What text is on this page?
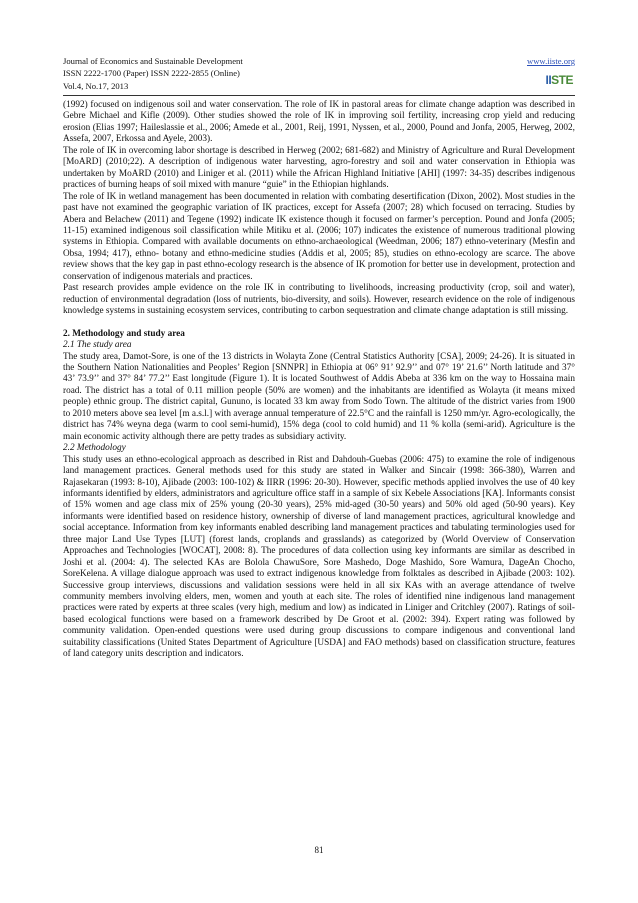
Journal of Economics and Sustainable Development
ISSN 2222-1700 (Paper) ISSN 2222-2855 (Online)
Vol.4, No.17, 2013
www.iiste.org
IISTE

(1992) focused on indigenous soil and water conservation. The role of IK in pastoral areas for climate change adaption was described in Gebre Michael and Kifle (2009). Other studies showed the role of IK in improving soil fertility, increasing crop yield and reducing erosion (Elias 1997; Haileslassie et al., 2006; Amede et al., 2001, Reij, 1991, Nyssen, et al., 2000, Pound and Jonfa, 2005, Herweg, 2002, Assefa, 2007, Erkossa and Ayele, 2003).

The role of IK in overcoming labor shortage is described in Herweg (2002; 681-682) and Ministry of Agriculture and Rural Development [MoARD] (2010;22). A description of indigenous water harvesting, agro-forestry and soil and water conservation in Ethiopia was undertaken by MoARD (2010) and Liniger et al. (2011) while the African Highland Initiative [AHI] (1997: 34-35) describes indigenous practices of burning heaps of soil mixed with manure “guie” in the Ethiopian highlands.

The role of IK in wetland management has been documented in relation with combating desertification (Dixon, 2002). Most studies in the past have not examined the geographic variation of IK practices, except for Assefa (2007; 28) which focused on terracing. Studies by Abera and Belachew (2011) and Tegene (1992) indicate IK existence though it focused on farmer’s perception. Pound and Jonfa (2005; 11-15) examined indigenous soil classification while Mitiku et al. (2006; 107) indicates the existence of numerous traditional plowing systems in Ethiopia. Compared with available documents on ethno-archaeological (Weedman, 2006; 187) ethno-veterinary (Mesfin and Obsa, 1994; 417), ethno- botany and ethno-medicine studies (Addis et al, 2005; 85), studies on ethno-ecology are scarce. The above review shows that the key gap in past ethno-ecology research is the absence of IK promotion for better use in development, protection and conservation of indigenous materials and practices.

Past research provides ample evidence on the role IK in contributing to livelihoods, increasing productivity (crop, soil and water), reduction of environmental degradation (loss of nutrients, bio-diversity, and soils). However, research evidence on the role of indigenous knowledge systems in sustaining ecosystem services, contributing to carbon sequestration and climate change adaptation is still missing.

2. Methodology and study area

2.1 The study area

The study area, Damot-Sore, is one of the 13 districts in Wolayta Zone (Central Statistics Authority [CSA], 2009; 24-26). It is situated in the Southern Nation Nationalities and Peoples’ Region [SNNPR] in Ethiopia at 06° 91’ 92.9’’ and 07° 19’ 21.6’’ North latitude and 37° 43’ 73.9’’ and 37° 84’ 77.2’’ East longitude (Figure 1). It is located Southwest of Addis Abeba at 336 km on the way to Hossaina main road. The district has a total of 0.11 million people (50% are women) and the inhabitants are identified as Wolayta (it means mixed people) ethnic group. The district capital, Gununo, is located 33 km away from Sodo Town. The altitude of the district varies from 1900 to 2010 meters above sea level [m a.s.l.] with average annual temperature of 22.5°C and the rainfall is 1250 mm/yr. Agro-ecologically, the district has 74% weyna dega (warm to cool semi-humid), 15% dega (cool to cold humid) and 11 % kolla (semi-arid). Agriculture is the main economic activity although there are petty trades as subsidiary activity.

2.2 Methodology

This study uses an ethno-ecological approach as described in Rist and Dahdouh-Guebas (2006: 475) to examine the role of indigenous land management practices. General methods used for this study are stated in Walker and Sincair (1998: 366-380), Warren and Rajasekaran (1993: 8-10), Ajibade (2003: 100-102) & IIRR (1996: 20-30). However, specific methods applied involves the use of 40 key informants identified by elders, administrators and agriculture office staff in a sample of six Kebele Associations [KA]. Informants consist of 15% women and age class mix of 25% young (20-30 years), 25% mid-aged (30-50 years) and 50% old aged (50-90 years). Key informants were identified based on residence history, ownership of diverse of land management practices, agricultural knowledge and social acceptance. Information from key informants enabled describing land management practices and tabulating terminologies used for three major Land Use Types [LUT] (forest lands, croplands and grasslands) as categorized by (World Overview of Conservation Approaches and Technologies [WOCAT], 2008: 8). The procedures of data collection using key informants are similar as described in Joshi et al. (2004: 4). The selected KAs are Bolola ChawuSore, Sore Mashedo, Doge Mashido, Sore Wamura, DageAn Chocho, SoreKelena. A village dialogue approach was used to extract indigenous knowledge from folktales as described in Ajibade (2003: 102). Successive group interviews, discussions and validation sessions were held in all six KAs with an average attendance of twelve community members involving elders, men, women and youth at each site. The roles of identified nine indigenous land management practices were rated by experts at three scales (very high, medium and low) as indicated in Liniger and Critchley (2007). Ratings of soil-based ecological functions were based on a framework described by De Groot et al. (2002: 394). Expert rating was followed by community validation. Open-ended questions were used during group discussions to compare indigenous and conventional land suitability classifications (United States Department of Agriculture [USDA] and FAO methods) based on classification structure, features of land category units description and indicators.

81
